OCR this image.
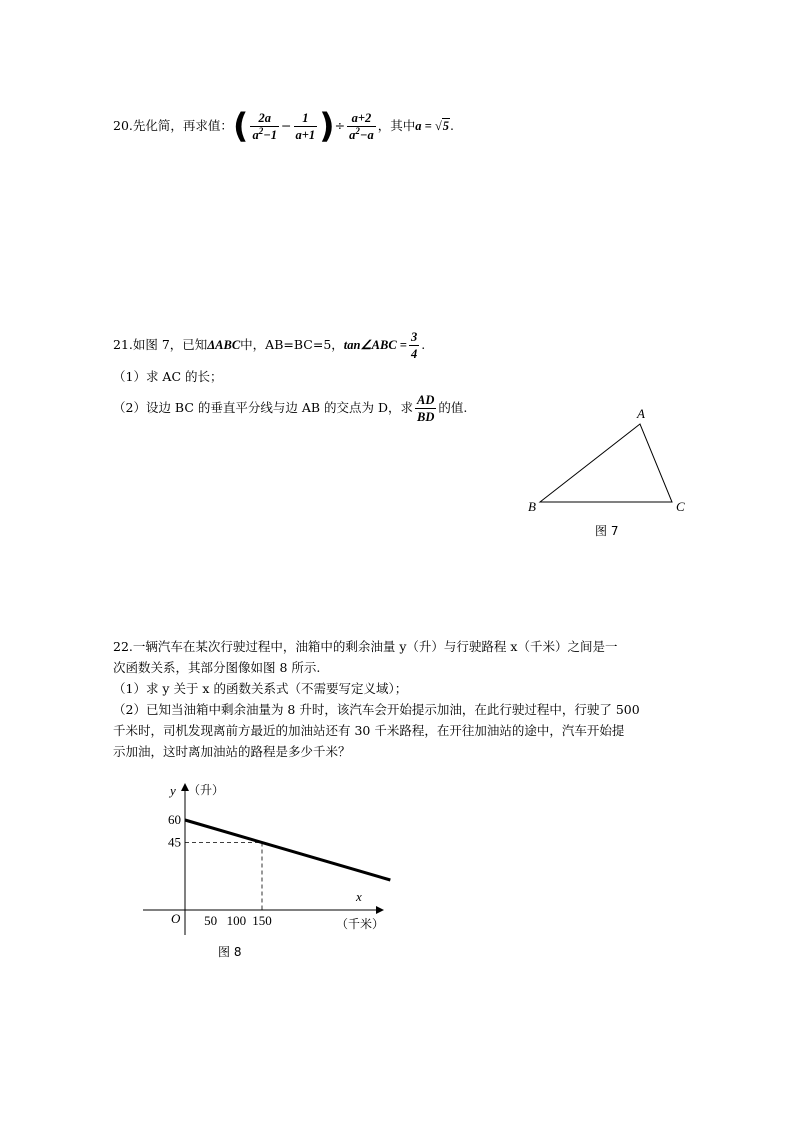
20.先化简，再求值：( $\frac{2a}{a^2-1} - \frac{1}{a+1}$ )÷ $\frac{a+2}{a^2-a}$ ，其中a = √5.
21.如图 7，已知ΔABC中，AB=BC=5，tan∠ABC = $\frac{3}{4}$ .
（1）求 AC 的长；
（2）设边 BC 的垂直平分线与边 AB 的交点为 D，求 $\frac{AD}{BD}$ 的值.	A
B	C
图 7
22.一辆汽车在某次行驶过程中，油箱中的剩余油量 y（升）与行驶路程 x（千米）之间是一
次函数关系，其部分图像如图 8 所示.
（1）求 y 关于 x 的函数关系式（不需要写定义域）；
（2）已知当油箱中剩余油量为 8 升时，该汽车会开始提示加油，在此行驶过程中，行驶了 500
千米时，司机发现离前方最近的加油站还有 30 千米路程，在开往加油站的途中，汽车开始提
示加油，这时离加油站的路程是多少千米？
y （升）
x
（千米）
O
60
45
50 100 150
图 8
